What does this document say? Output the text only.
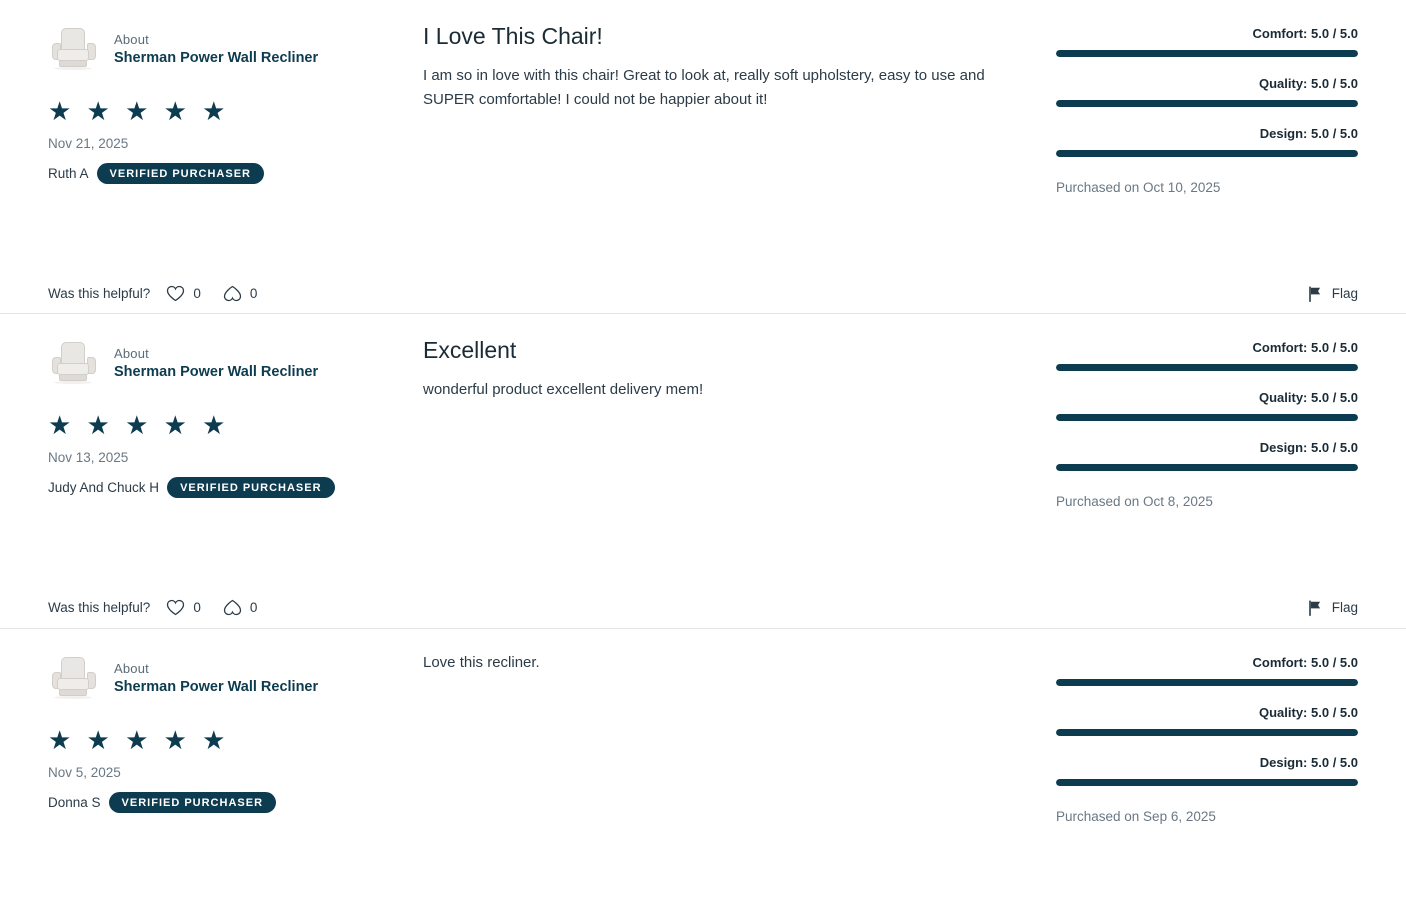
About
Sherman Power Wall Recliner
★ ★ ★ ★ ★
Nov 21, 2025
Ruth A	VERIFIED PURCHASER
I Love This Chair!

I am so in love with this chair! Great to look at, really soft upholstery, easy to use and SUPER comfortable! I could not be happier about it!

Comfort: 5.0 / 5.0
Quality: 5.0 / 5.0
Design: 5.0 / 5.0
Purchased on Oct 10, 2025
Was this helpful?	0	0	Flag
About
Sherman Power Wall Recliner
★ ★ ★ ★ ★
Nov 13, 2025
Judy And Chuck H	VERIFIED PURCHASER
Excellent

wonderful product excellent delivery mem!

Comfort: 5.0 / 5.0
Quality: 5.0 / 5.0
Design: 5.0 / 5.0
Purchased on Oct 8, 2025
Was this helpful?	0	0	Flag
About
Sherman Power Wall Recliner
★ ★ ★ ★ ★
Nov 5, 2025
Donna S	VERIFIED PURCHASER

Love this recliner.	Comfort: 5.0 / 5.0
Quality: 5.0 / 5.0
Design: 5.0 / 5.0
Purchased on Sep 6, 2025
